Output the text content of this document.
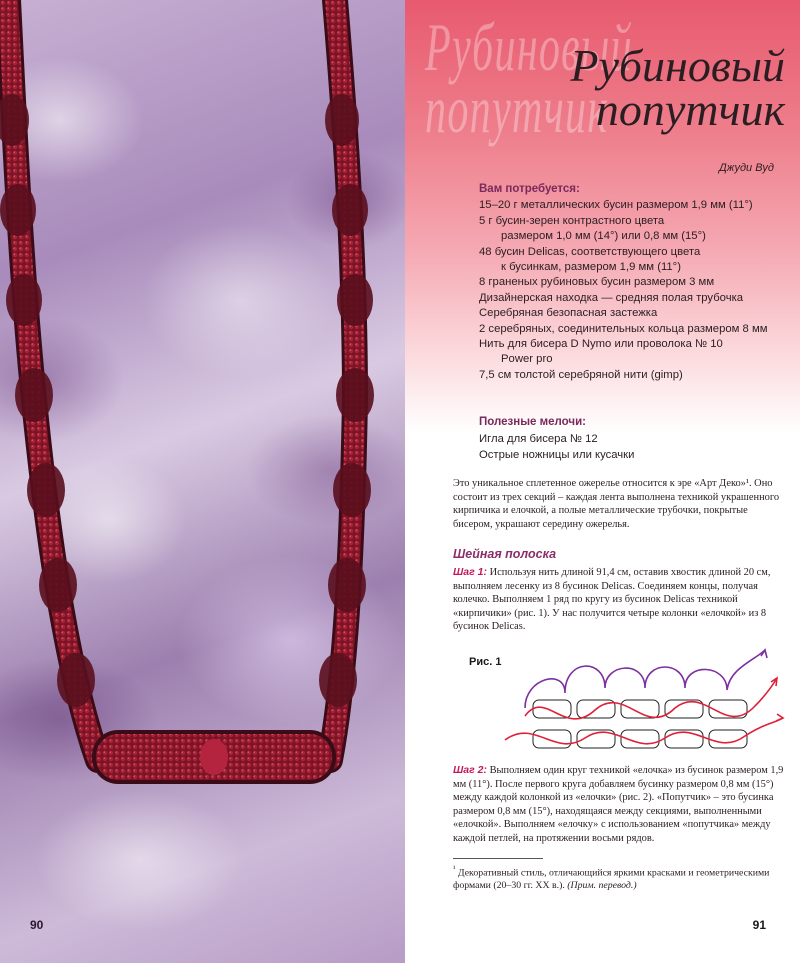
90
Рубиновый
попутчик
Рубиновый
попутчик
Джуди Вуд
Вам потребуется:
15–20 г металлических бусин размером 1,9 мм (11°)
5 г бусин-зерен контрастного цвета
размером 1,0 мм (14°) или 0,8 мм (15°)
48 бусин Delicas, соответствующего цвета
к бусинкам, размером 1,9 мм (11°)
8 граненых рубиновых бусин размером 3 мм
Дизайнерская находка — средняя полая трубочка
Серебряная безопасная застежка
2 серебряных, соединительных кольца размером 8 мм
Нить для бисера D Nymo или проволока № 10
Power pro
7,5 см толстой серебряной нити (gimp)
Полезные мелочи:
Игла для бисера № 12
Острые ножницы или кусачки

Это уникальное сплетенное ожерелье относится к эре «Арт Деко»¹. Оно состоит из трех секций – каждая лента выполнена техникой украшенного кирпичика и елочкой, а полые металлические трубочки, покрытые бисером, украшают середину ожерелья.

Шейная полоска

Шаг 1: Используя нить длиной 91,4 см, оставив хвостик длиной 20 см, выполняем лесенку из 8 бусинок Delicas. Соединяем концы, получая колечко. Выполняем 1 ряд по кругу из бусинок Delicas техникой «кирпичики» (рис. 1). У нас получится четыре колонки «елочкой» из 8 бусинок Delicas.

Рис. 1

Шаг 2: Выполняем один круг техникой «елочка» из бусинок размером 1,9 мм (11°). После первого круга добавляем бусинку размером 0,8 мм (15°) между каждой колонкой из «елочки» (рис. 2). «Попутчик» – это бусинка размером 0,8 мм (15°), находящаяся между секциями, выполненными «елочкой». Выполняем «елочку» с использованием «попутчика» между каждой петлей, на протяжении восьми рядов.

$^{^1}$ Декоративный стиль, отличающийся яркими красками и геометрическими формами (20–30 гг. XX в.). (Прим. перевод.)

91
